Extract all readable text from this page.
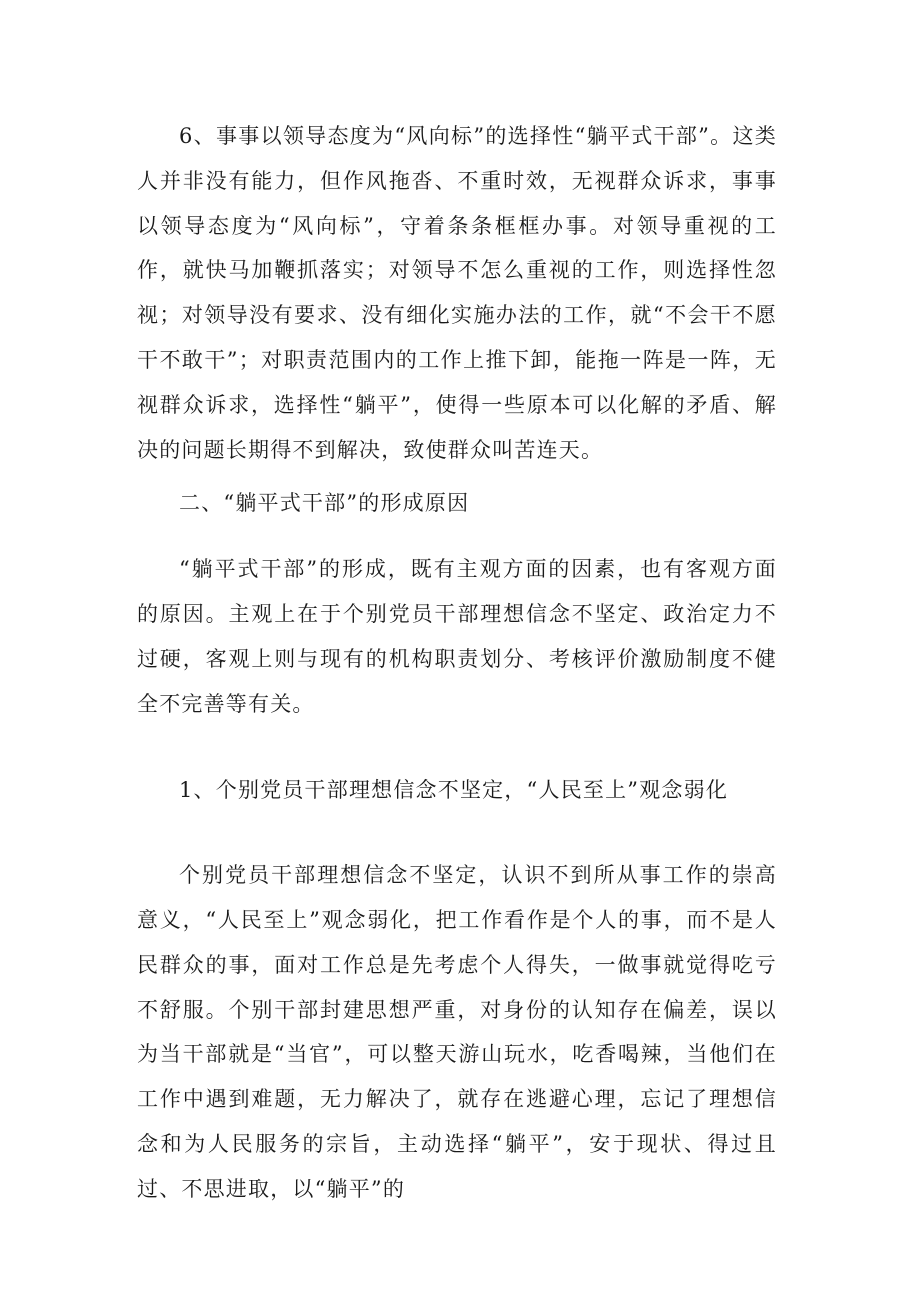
6、事事以领导态度为“风向标”的选择性“躺平式干部”。这类人并非没有能力，但作风拖沓、不重时效，无视群众诉求，事事以领导态度为“风向标”，守着条条框框办事。对领导重视的工作，就快马加鞭抓落实；对领导不怎么重视的工作，则选择性忽视；对领导没有要求、没有细化实施办法的工作，就“不会干不愿干不敢干”；对职责范围内的工作上推下卸，能拖一阵是一阵，无视群众诉求，选择性“躺平”，使得一些原本可以化解的矛盾、解决的问题长期得不到解决，致使群众叫苦连天。

二、“躺平式干部”的形成原因

“躺平式干部”的形成，既有主观方面的因素，也有客观方面的原因。主观上在于个别党员干部理想信念不坚定、政治定力不过硬，客观上则与现有的机构职责划分、考核评价激励制度不健全不完善等有关。

1、个别党员干部理想信念不坚定，“人民至上”观念弱化

个别党员干部理想信念不坚定，认识不到所从事工作的崇高意义，“人民至上”观念弱化，把工作看作是个人的事，而不是人民群众的事，面对工作总是先考虑个人得失，一做事就觉得吃亏不舒服。个别干部封建思想严重，对身份的认知存在偏差，误以为当干部就是“当官”，可以整天游山玩水，吃香喝辣，当他们在工作中遇到难题，无力解决了，就存在逃避心理，忘记了理想信念和为人民服务的宗旨，主动选择“躺平”，安于现状、得过且过、不思进取，以“躺平”的
